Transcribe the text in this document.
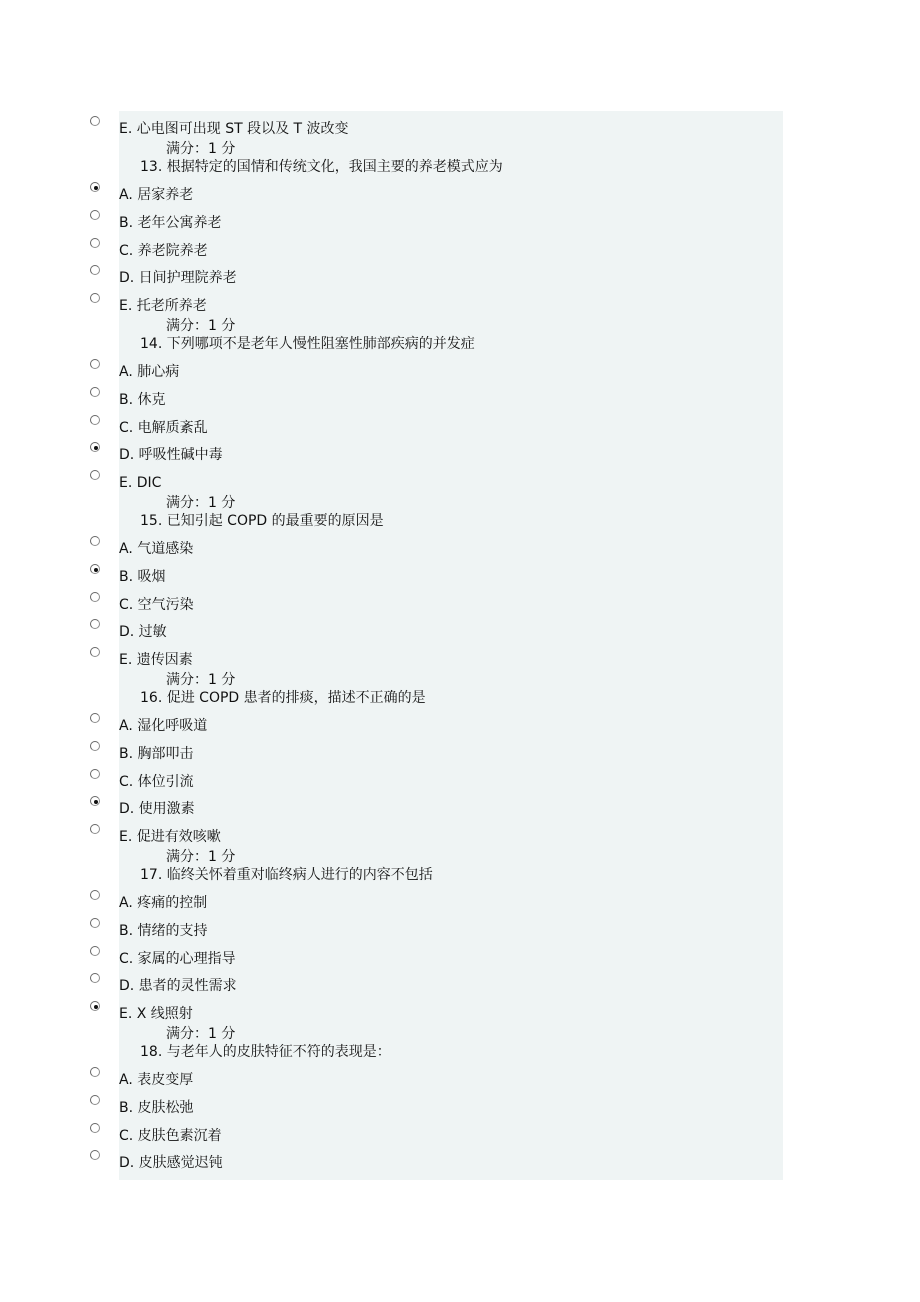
E. 心电图可出现 ST 段以及 T 波改变
满分：1 分
13. 根据特定的国情和传统文化，我国主要的养老模式应为
A. 居家养老
B. 老年公寓养老
C. 养老院养老
D. 日间护理院养老
E. 托老所养老
满分：1 分
14. 下列哪项不是老年人慢性阻塞性肺部疾病的并发症
A. 肺心病
B. 休克
C. 电解质紊乱
D. 呼吸性碱中毒
E. DIC
满分：1 分
15. 已知引起 COPD 的最重要的原因是
A. 气道感染
B. 吸烟
C. 空气污染
D. 过敏
E. 遗传因素
满分：1 分
16. 促进 COPD 患者的排痰，描述不正确的是
A. 湿化呼吸道
B. 胸部叩击
C. 体位引流
D. 使用激素
E. 促进有效咳嗽
满分：1 分
17. 临终关怀着重对临终病人进行的内容不包括
A. 疼痛的控制
B. 情绪的支持
C. 家属的心理指导
D. 患者的灵性需求
E. X 线照射
满分：1 分
18. 与老年人的皮肤特征不符的表现是：
A. 表皮变厚
B. 皮肤松弛
C. 皮肤色素沉着
D. 皮肤感觉迟钝
